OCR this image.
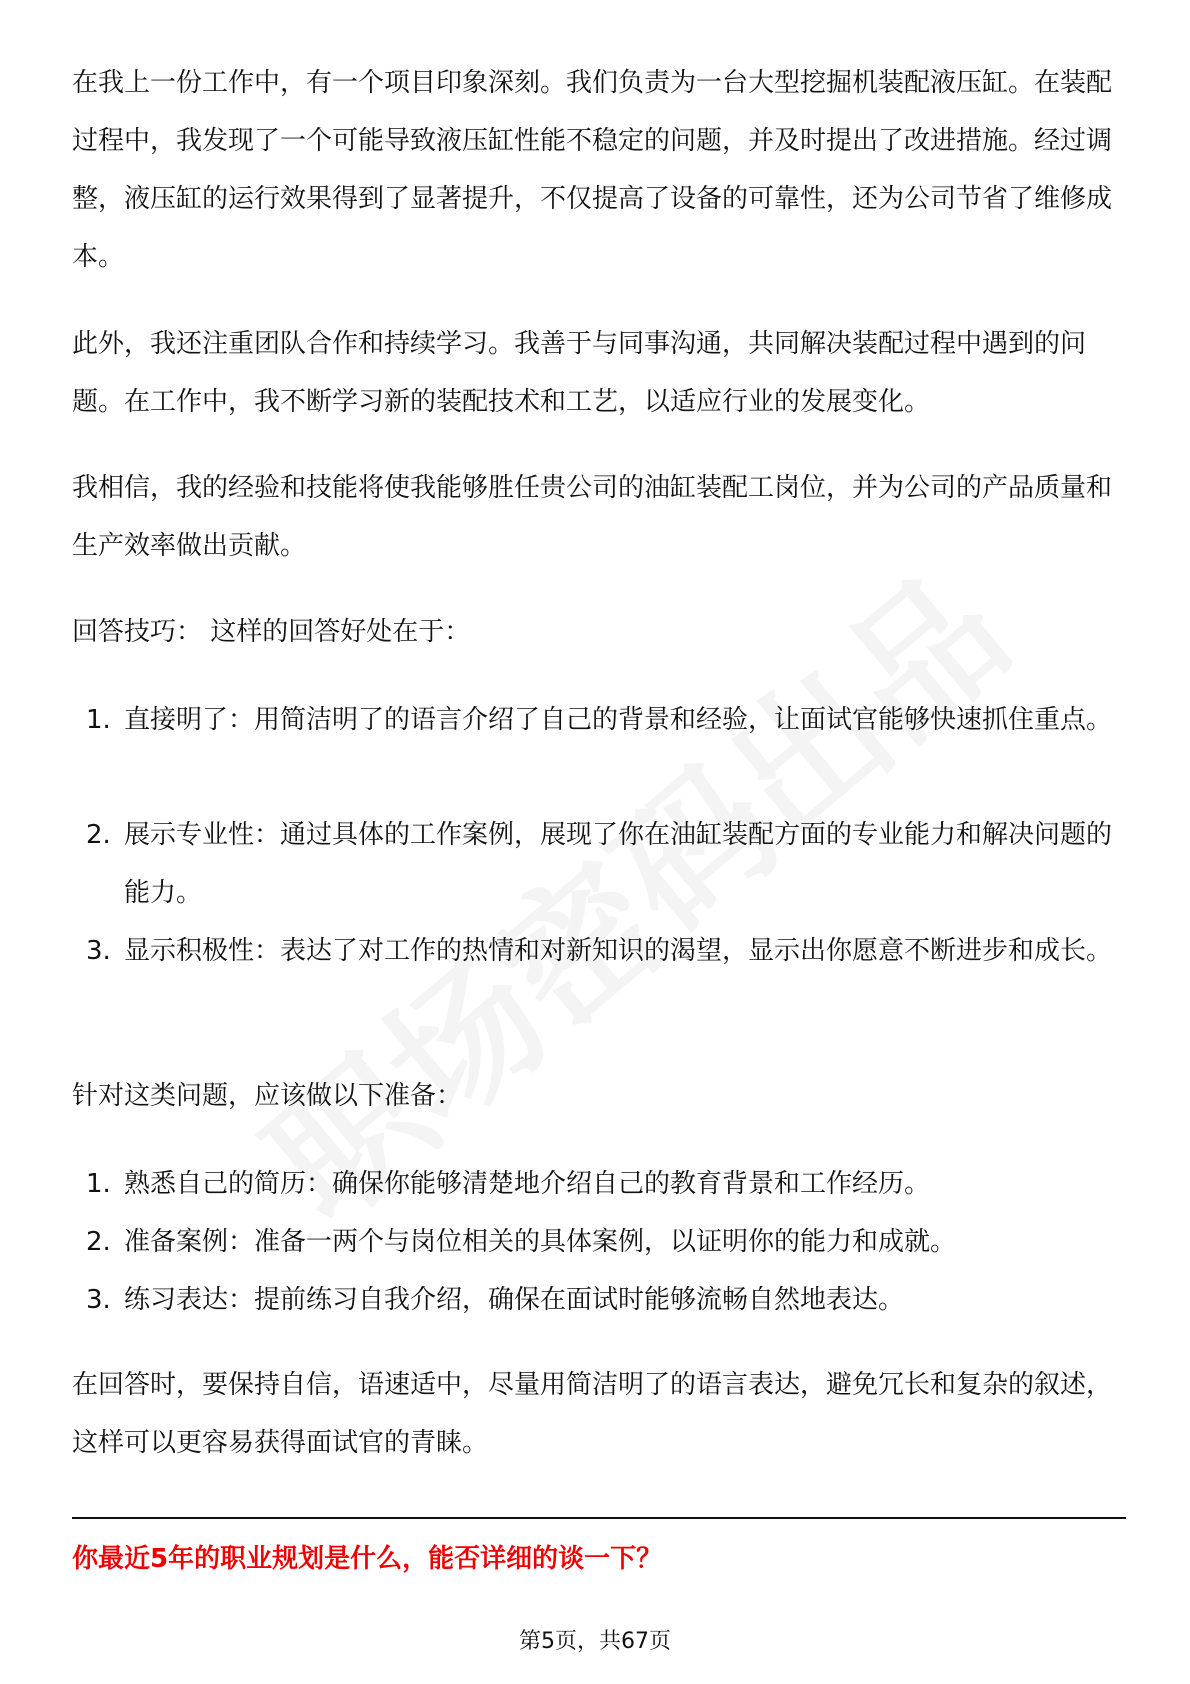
在我上一份工作中，有一个项目印象深刻。我们负责为一台大型挖掘机装配液压缸。在装配过程中，我发现了一个可能导致液压缸性能不稳定的问题，并及时提出了改进措施。经过调整，液压缸的运行效果得到了显著提升，不仅提高了设备的可靠性，还为公司节省了维修成本。
此外，我还注重团队合作和持续学习。我善于与同事沟通，共同解决装配过程中遇到的问题。在工作中，我不断学习新的装配技术和工艺，以适应行业的发展变化。
我相信，我的经验和技能将使我能够胜任贵公司的油缸装配工岗位，并为公司的产品质量和生产效率做出贡献。
回答技巧： 这样的回答好处在于：
1. 直接明了：用简洁明了的语言介绍了自己的背景和经验，让面试官能够快速抓住重点。
2. 展示专业性：通过具体的工作案例，展现了你在油缸装配方面的专业能力和解决问题的能力。
3. 显示积极性：表达了对工作的热情和对新知识的渴望，显示出你愿意不断进步和成长。
针对这类问题，应该做以下准备：
1. 熟悉自己的简历：确保你能够清楚地介绍自己的教育背景和工作经历。
2. 准备案例：准备一两个与岗位相关的具体案例，以证明你的能力和成就。
3. 练习表达：提前练习自我介绍，确保在面试时能够流畅自然地表达。
在回答时，要保持自信，语速适中，尽量用简洁明了的语言表达，避免冗长和复杂的叙述，这样可以更容易获得面试官的青睐。
你最近5年的职业规划是什么，能否详细的谈一下？
第5页，共67页
